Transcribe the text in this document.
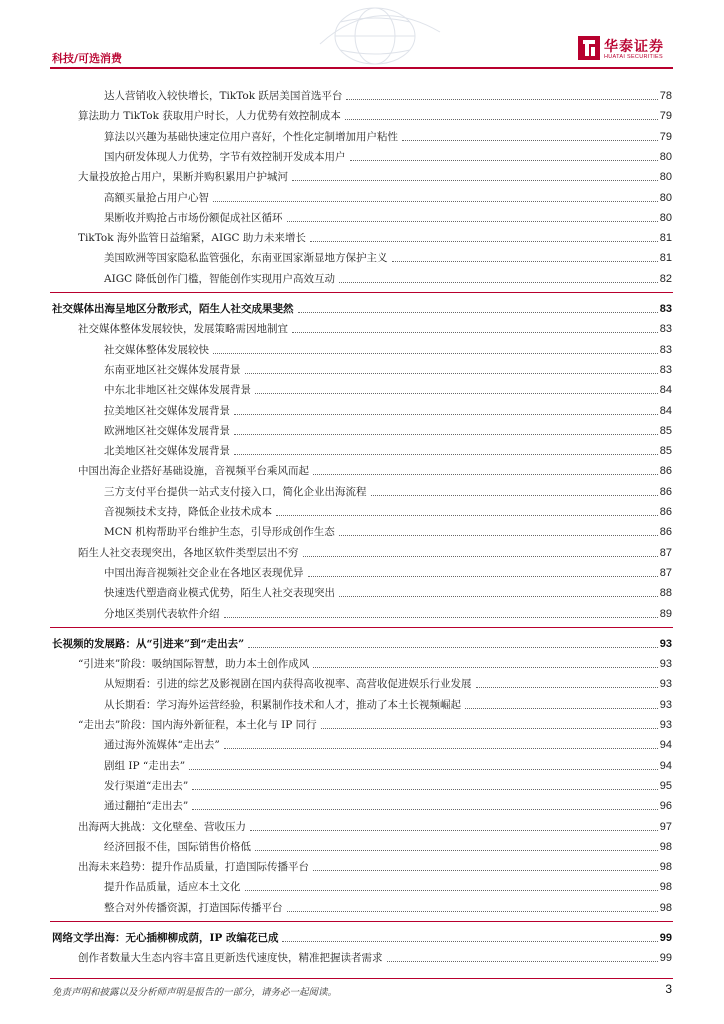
科技/可选消费
华泰证券
HUATAI SECURITIES
达人营销收入较快增长，TikTok 跃居美国首选平台	78
算法助力 TikTok 获取用户时长，人力优势有效控制成本	79
算法以兴趣为基础快速定位用户喜好，个性化定制增加用户粘性	79
国内研发体现人力优势，字节有效控制开发成本用户	80
大量投放抢占用户，果断并购积累用户护城河	80
高额买量抢占用户心智	80
果断收并购抢占市场份额促成社区循环	80
TikTok 海外监管日益缩紧，AIGC 助力未来增长	81
美国欧洲等国家隐私监管强化，东南亚国家渐显地方保护主义	81
AIGC 降低创作门槛，智能创作实现用户高效互动	82
社交媒体出海呈地区分散形式，陌生人社交成果斐然	83
社交媒体整体发展较快，发展策略需因地制宜	83
社交媒体整体发展较快	83
东南亚地区社交媒体发展背景	83
中东北非地区社交媒体发展背景	84
拉美地区社交媒体发展背景	84
欧洲地区社交媒体发展背景	85
北美地区社交媒体发展背景	85
中国出海企业搭好基础设施，音视频平台乘风而起	86
三方支付平台提供一站式支付接入口，简化企业出海流程	86
音视频技术支持，降低企业技术成本	86
MCN 机构帮助平台维护生态，引导形成创作生态	86
陌生人社交表现突出，各地区软件类型层出不穷	87
中国出海音视频社交企业在各地区表现优异	87
快速迭代塑造商业模式优势，陌生人社交表现突出	88
分地区类别代表软件介绍	89
长视频的发展路：从“引进来”到“走出去”	93
“引进来”阶段：吸纳国际智慧，助力本土创作成风	93
从短期看：引进的综艺及影视剧在国内获得高收视率、高营收促进娱乐行业发展	93
从长期看：学习海外运营经验，积累制作技术和人才，推动了本土长视频崛起	93
“走出去”阶段：国内海外新征程，本土化与 IP 同行	93
通过海外流媒体“走出去”	94
剧组 IP “走出去”	94
发行渠道“走出去”	95
通过翻拍“走出去”	96
出海两大挑战：文化壁垒、营收压力	97
经济回报不佳，国际销售价格低	98
出海未来趋势：提升作品质量，打造国际传播平台	98
提升作品质量，适应本土文化	98
整合对外传播资源，打造国际传播平台	98
网络文学出海：无心插柳柳成荫，IP 改编花已成	99
创作者数量大生态内容丰富且更新迭代速度快，精准把握读者需求	99
免责声明和披露以及分析师声明是报告的一部分，请务必一起阅读。	3
